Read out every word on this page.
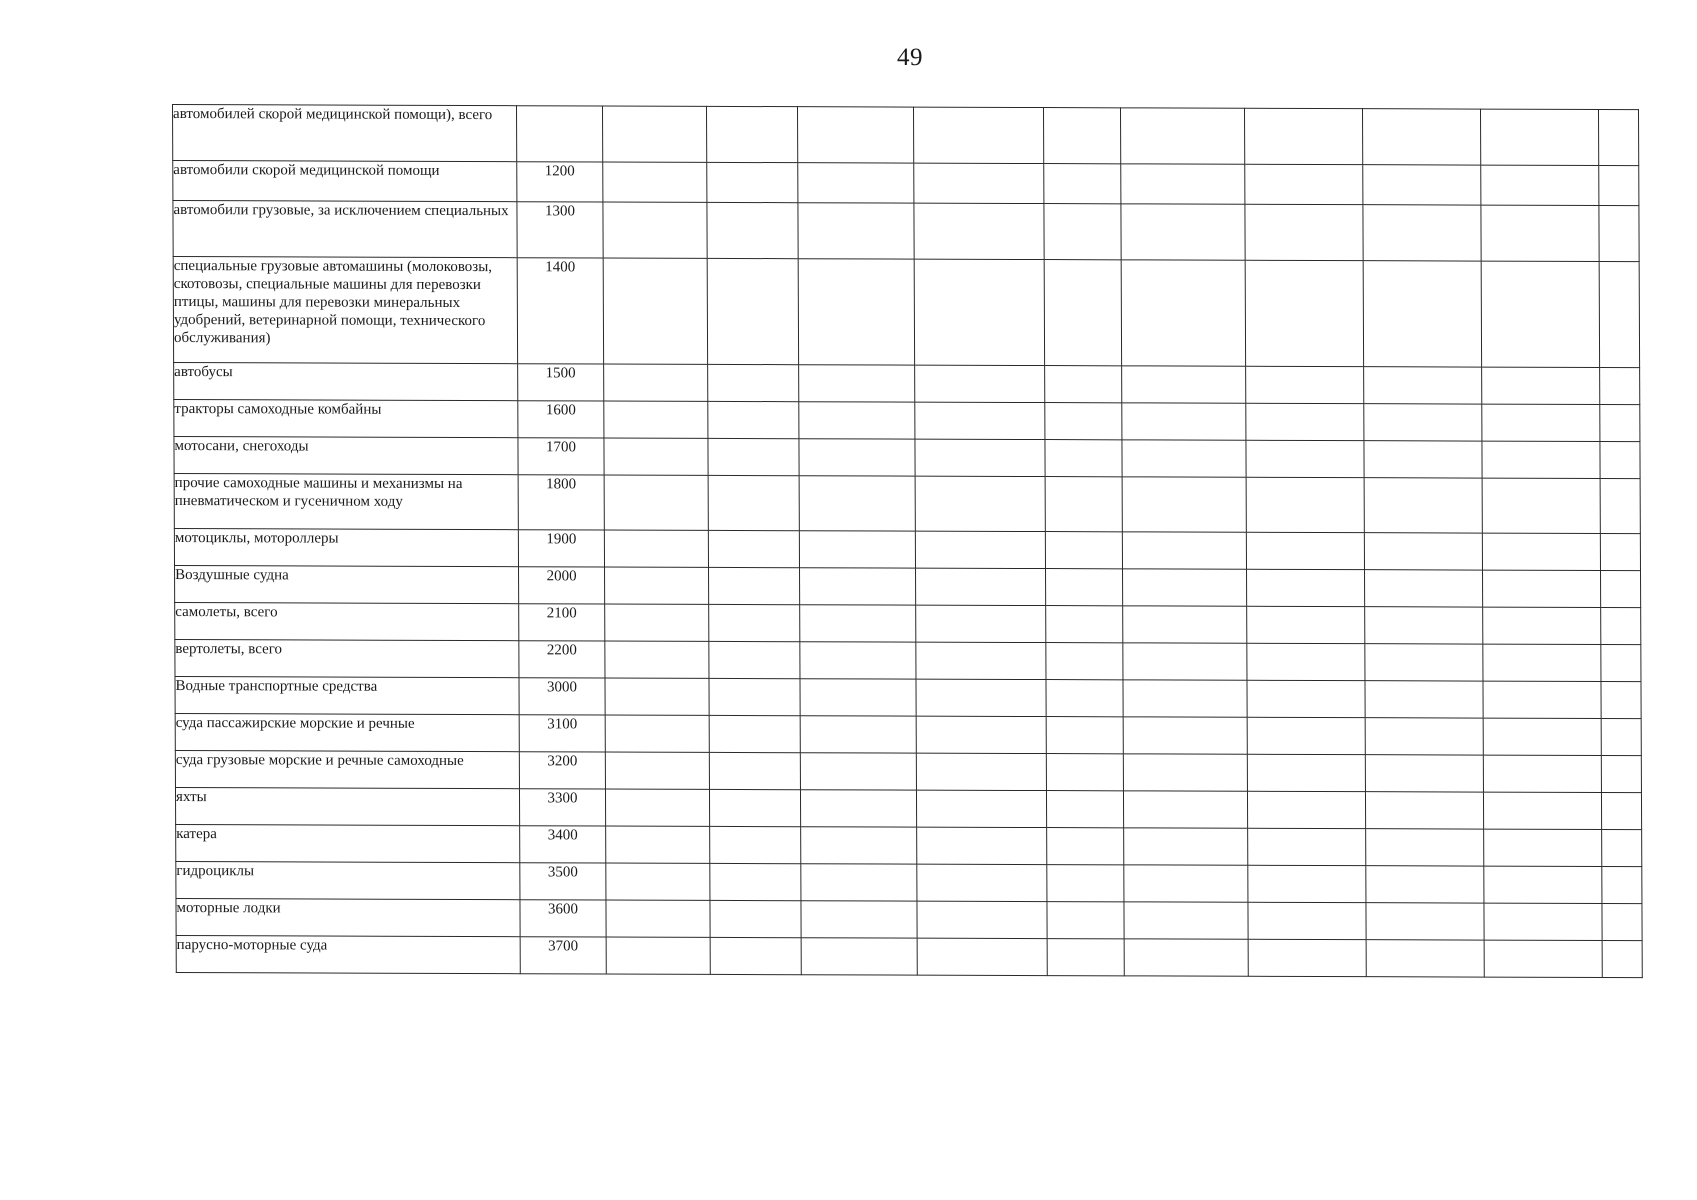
49
автомобилей скорой медицинской помощи), всего											
автомобили скорой медицинской помощи	1200										
автомобили грузовые, за исключением специальных	1300										
специальные грузовые автомашины (молоковозы, скотовозы, специальные машины для перевозки птицы, машины для перевозки минеральных удобрений, ветеринарной помощи, технического обслуживания)	1400										
автобусы	1500										
тракторы самоходные комбайны	1600										
мотосани, снегоходы	1700										
прочие самоходные машины и механизмы на пневматическом и гусеничном ходу	1800										
мотоциклы, мотороллеры	1900										
Воздушные судна	2000										
самолеты, всего	2100										
вертолеты, всего	2200										
Водные транспортные средства	3000										
суда пассажирские морские и речные	3100										
суда грузовые морские и речные самоходные	3200										
яхты	3300										
катера	3400										
гидроциклы	3500										
моторные лодки	3600										
парусно-моторные суда	3700										
